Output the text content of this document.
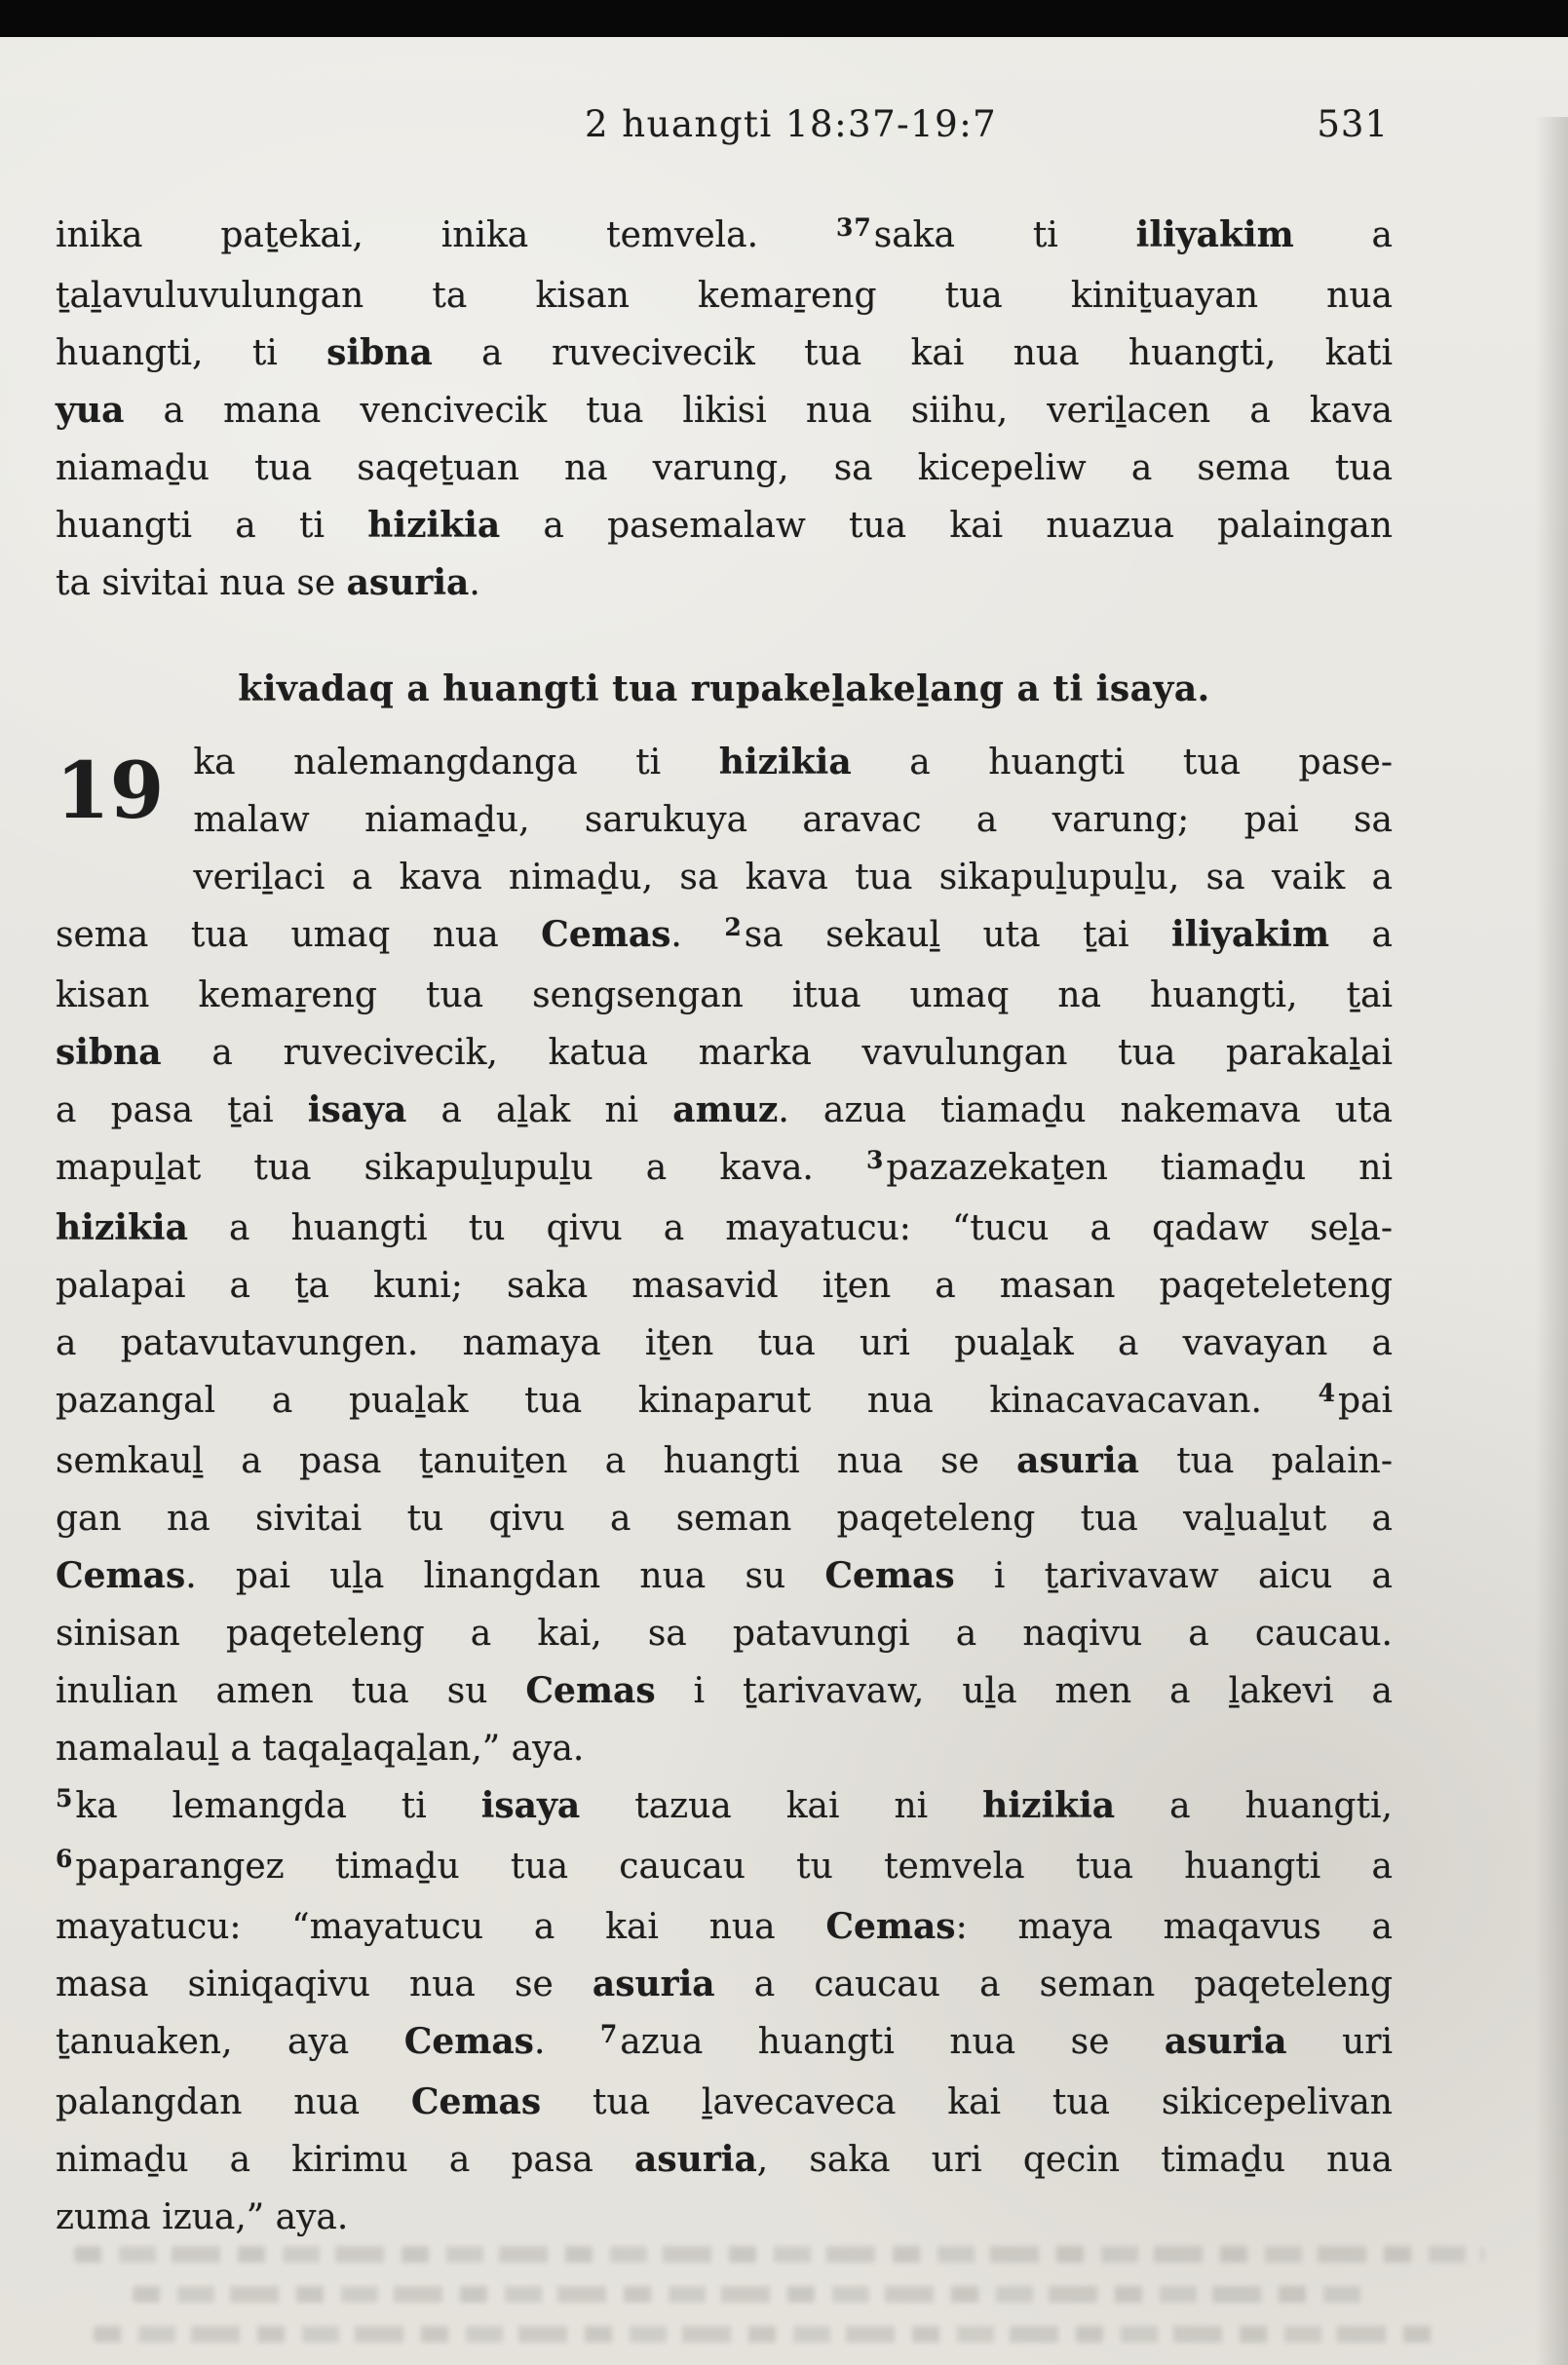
2 huangti 18:37-19:7	531
inika paṯekai, inika temvela. $^{37}$saka ti iliyakim a
ṯaḻavuluvulungan ta kisan kemaṟeng tua kiniṯuayan nua
huangti, ti sibna a ruvecivecik tua kai nua huangti, kati
yua a mana vencivecik tua likisi nua siihu, veriḻacen a kava
niamaḏu tua saqeṯuan na varung, sa kicepeliw a sema tua
huangti a ti hizikia a pasemalaw tua kai nuazua palaingan
ta sivitai nua se asuria.
kivadaq a huangti tua rupakeḻakeḻang a ti isaya.
19 ka nalemangdanga ti hizikia a huangti tua pase-
malaw niamaḏu, sarukuya aravac a varung; pai sa
veriḻaci a kava nimaḏu, sa kava tua sikapuḻupuḻu, sa vaik a
sema tua umaq nua Cemas. $^2$sa sekauḻ uta ṯai iliyakim a
kisan kemaṟeng tua sengsengan itua umaq na huangti, ṯai
sibna a ruvecivecik, katua marka vavulungan tua parakaḻai
a pasa ṯai isaya a aḻak ni amuz. azua tiamaḏu nakemava uta
mapuḻat tua sikapuḻupuḻu a kava. $^3$pazazekaṯen tiamaḏu ni
hizikia a huangti tu qivu a mayatucu: “tucu a qadaw seḻa-
palapai a ṯa kuni; saka masavid iṯen a masan paqeteleteng
a patavutavungen. namaya iṯen tua uri puaḻak a vavayan a
pazangal a puaḻak tua kinaparut nua kinacavacavan. $^4$pai
semkauḻ a pasa ṯanuiṯen a huangti nua se asuria tua palain-
gan na sivitai tu qivu a seman paqeteleng tua vaḻuaḻut a
Cemas. pai uḻa linangdan nua su Cemas i ṯarivavaw aicu a
sinisan paqeteleng a kai, sa patavungi a naqivu a caucau.
inulian amen tua su Cemas i ṯarivavaw, uḻa men a ḻakevi a
namalauḻ a taqaḻaqaḻan,” aya.
$^5$ka lemangda ti isaya tazua kai ni hizikia a huangti,
$^6$paparangez timaḏu tua caucau tu temvela tua huangti a
mayatucu: “mayatucu a kai nua Cemas: maya maqavus a
masa siniqaqivu nua se asuria a caucau a seman paqeteleng
ṯanuaken, aya Cemas. $^7$azua huangti nua se asuria uri
palangdan nua Cemas tua ḻavecaveca kai tua sikicepelivan
nimaḏu a kirimu a pasa asuria, saka uri qecin timaḏu nua
zuma izua,” aya.
